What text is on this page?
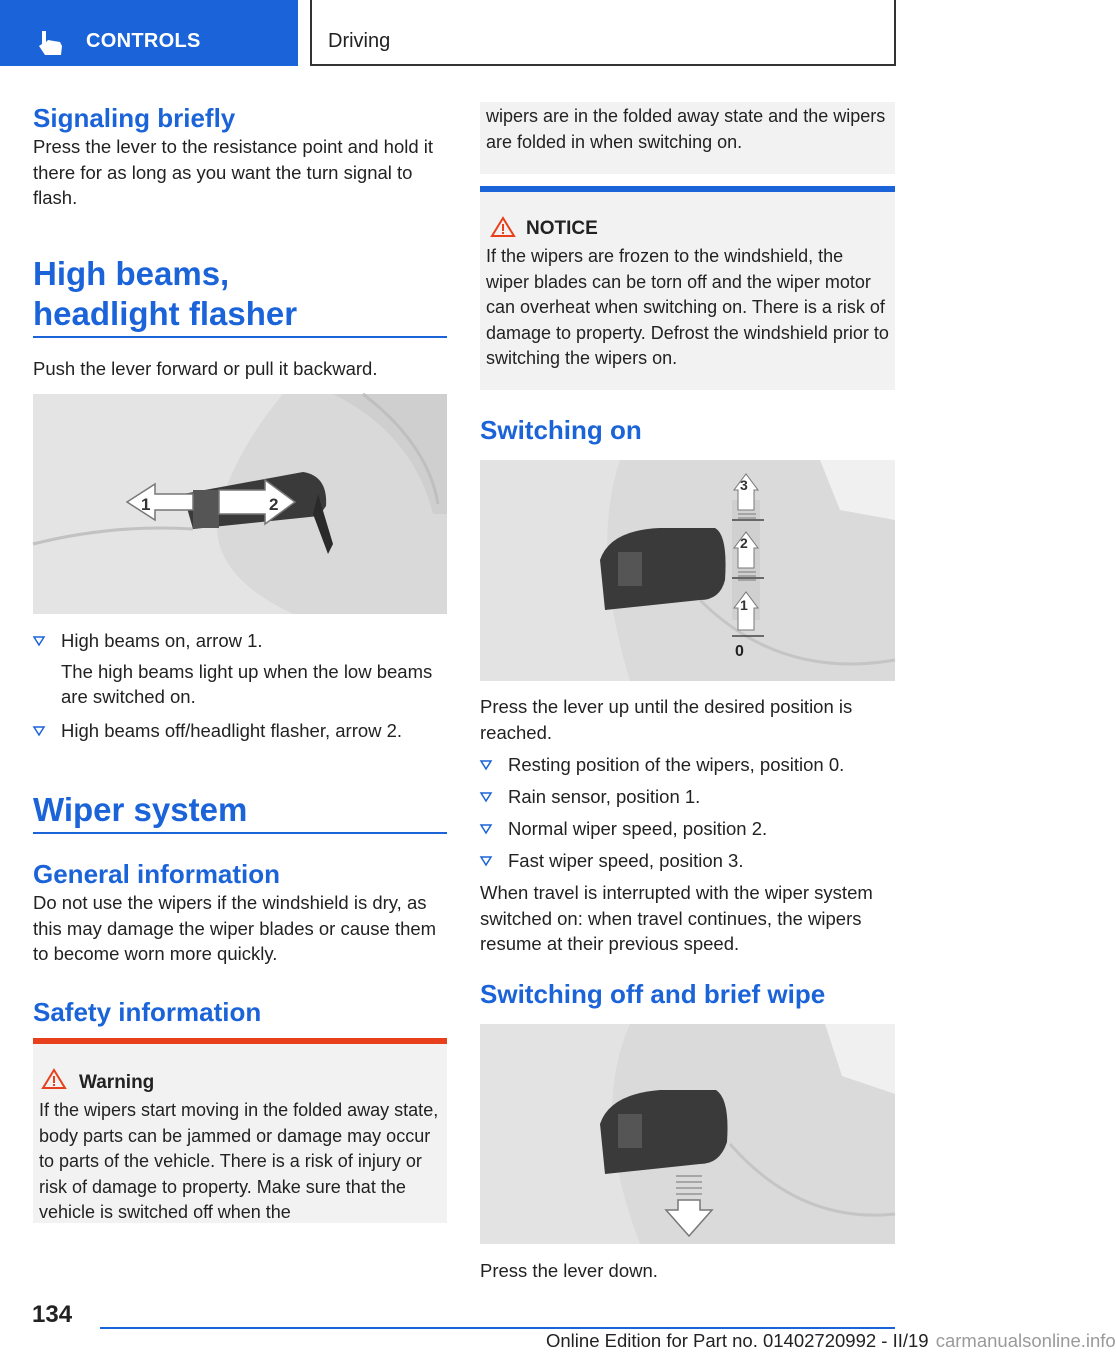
CONTROLS	Driving
Signaling briefly
Press the lever to the resistance point and hold it there for as long as you want the turn signal to flash.
High beams,
headlight flasher
Push the lever forward or pull it backward.
1	2
High beams on, arrow 1.
The high beams light up when the low beams are switched on.
High beams off/headlight flasher, arrow 2.
Wiper system
General information
Do not use the wipers if the windshield is dry, as this may damage the wiper blades or cause them to become worn more quickly.
Safety information
Warning
If the wipers start moving in the folded away state, body parts can be jammed or damage may occur to parts of the vehicle. There is a risk of injury or risk of damage to property. Make sure that the vehicle is switched off when the
wipers are in the folded away state and the wipers are folded in when switching on.
NOTICE
If the wipers are frozen to the windshield, the wiper blades can be torn off and the wiper motor can overheat when switching on. There is a risk of damage to property. Defrost the windshield prior to switching the wipers on.
Switching on
3
2
1
0
Press the lever up until the desired position is reached.
Resting position of the wipers, position 0.
Rain sensor, position 1.
Normal wiper speed, position 2.
Fast wiper speed, position 3.
When travel is interrupted with the wiper system switched on: when travel continues, the wipers resume at their previous speed.
Switching off and brief wipe
Press the lever down.
134
Online Edition for Part no. 01402720992 - II/19 carmanualsonline.info
